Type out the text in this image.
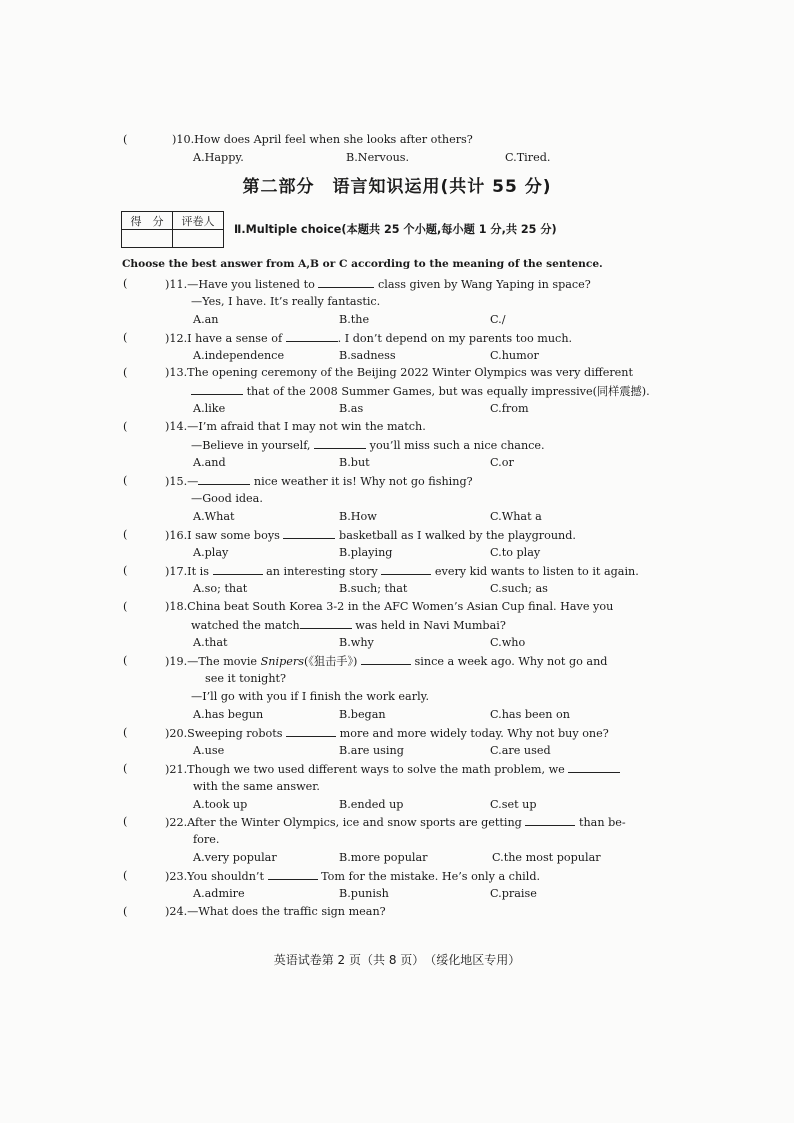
(	)10.How does April feel when she looks after others?
A.Happy.	B.Nervous.	C.Tired.
第二部分　语言知识运用(共计 55 分)
得　分	评卷人

Ⅱ.Multiple choice(本题共 25 个小题,每小题 1 分,共 25 分)
Choose the best answer from A,B or C according to the meaning of the sentence.
(	)11.—Have you listened to	class given by Wang Yaping in space?
—Yes, I have. It’s really fantastic.
A.an	B.the	C./
(	)12.I have a sense of	. I don’t depend on my parents too much.
A.independence	B.sadness	C.humor
(	)13.The opening ceremony of the Beijing 2022 Winter Olympics was very different
that of the 2008 Summer Games, but was equally impressive(同样震撼).
A.like	B.as	C.from
(	)14.—I’m afraid that I may not win the match.
—Believe in yourself,	you’ll miss such a nice chance.
A.and	B.but	C.or
(	)15.—	nice weather it is! Why not go fishing?
—Good idea.
A.What	B.How	C.What a
(	)16.I saw some boys	basketball as I walked by the playground.
A.play	B.playing	C.to play
(	)17.It is	an interesting story	every kid wants to listen to it again.
A.so; that	B.such; that	C.such; as
(	)18.China beat South Korea 3-2 in the AFC Women’s Asian Cup final. Have you
watched the match	was held in Navi Mumbai?
A.that	B.why	C.who
(	)19.—The movie Snipers(《狙击手》)	since a week ago. Why not go and
see it tonight?
—I’ll go with you if I finish the work early.
A.has begun	B.began	C.has been on
(	)20.Sweeping robots	more and more widely today. Why not buy one?
A.use	B.are using	C.are used
(	)21.Though we two used different ways to solve the math problem, we
with the same answer.
A.took up	B.ended up	C.set up
(	)22.After the Winter Olympics, ice and snow sports are getting	than be-
fore.
A.very popular	B.more popular	C.the most popular
(	)23.You shouldn’t	Tom for the mistake. He’s only a child.
A.admire	B.punish	C.praise
(	)24.—What does the traffic sign mean?
英语试卷第 2 页（共 8 页）　（绥化地区专用）
